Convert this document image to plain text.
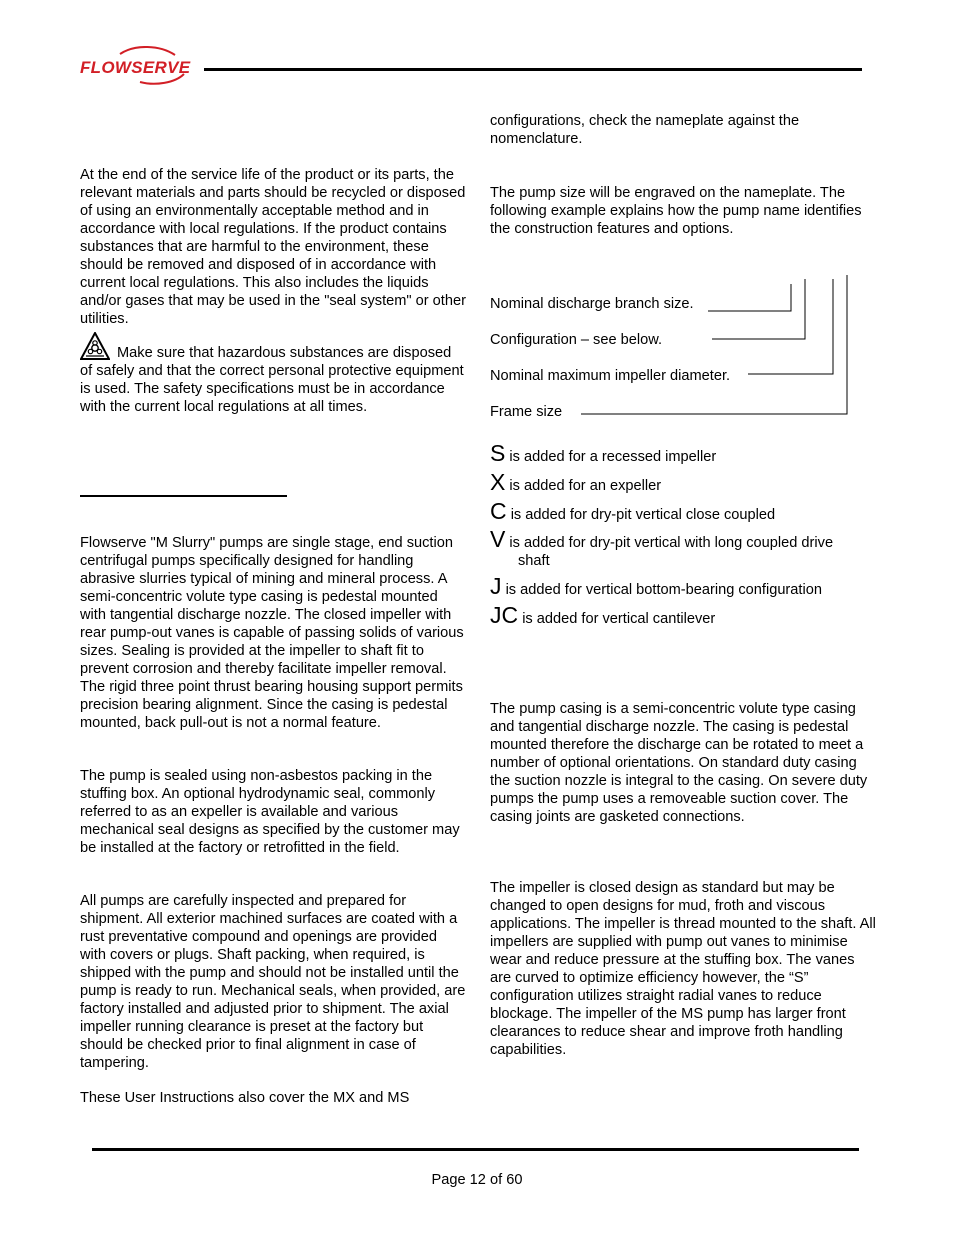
FLOWSERVE

At the end of the service life of the product or its parts, the relevant materials and parts should be recycled or disposed of using an environmentally acceptable method and in accordance with local regulations. If the product contains substances that are harmful to the environment, these should be removed and disposed of in accordance with current local regulations. This also includes the liquids and/or gases that may be used in the "seal system" or other utilities.

Make sure that hazardous substances are disposed of safely and that the correct personal protective equipment is used. The safety specifications must be in accordance with the current local regulations at all times.

Flowserve "M Slurry" pumps are single stage, end suction centrifugal pumps specifically designed for handling abrasive slurries typical of mining and mineral process. A semi-concentric volute type casing is pedestal mounted with tangential discharge nozzle. The closed impeller with rear pump-out vanes is capable of passing solids of various sizes. Sealing is provided at the impeller to shaft fit to prevent corrosion and thereby facilitate impeller removal. The rigid three point thrust bearing housing support permits precision bearing alignment. Since the casing is pedestal mounted, back pull-out is not a normal feature.

The pump is sealed using non-asbestos packing in the stuffing box. An optional hydrodynamic seal, commonly referred to as an expeller is available and various mechanical seal designs as specified by the customer may be installed at the factory or retrofitted in the field.

All pumps are carefully inspected and prepared for shipment. All exterior machined surfaces are coated with a rust preventative compound and openings are provided with covers or plugs. Shaft packing, when required, is shipped with the pump and should not be installed until the pump is ready to run. Mechanical seals, when provided, are factory installed and adjusted prior to shipment. The axial impeller running clearance is preset at the factory but should be checked prior to final alignment in case of tampering.

These User Instructions also cover the MX and MS

configurations, check the nameplate against the nomenclature.

The pump size will be engraved on the nameplate. The following example explains how the pump name identifies the construction features and options.

Nominal discharge branch size.
Configuration – see below.
Nominal maximum impeller diameter.
Frame size
S is added for a recessed impeller
X is added for an expeller
C is added for dry-pit vertical close coupled
V is added for dry-pit vertical with long coupled drive
shaft
J is added for vertical bottom-bearing configuration
JC is added for vertical cantilever

The pump casing is a semi-concentric volute type casing and tangential discharge nozzle. The casing is pedestal mounted therefore the discharge can be rotated to meet a number of optional orientations. On standard duty casing the suction nozzle is integral to the casing. On severe duty pumps the pump uses a removeable suction cover. The casing joints are gasketed connections.

The impeller is closed design as standard but may be changed to open designs for mud, froth and viscous applications. The impeller is thread mounted to the shaft. All impellers are supplied with pump out vanes to minimise wear and reduce pressure at the stuffing box. The vanes are curved to optimize efficiency however, the “S” configuration utilizes straight radial vanes to reduce blockage. The impeller of the MS pump has larger front clearances to reduce shear and improve froth handling capabilities.

Page 12 of 60
